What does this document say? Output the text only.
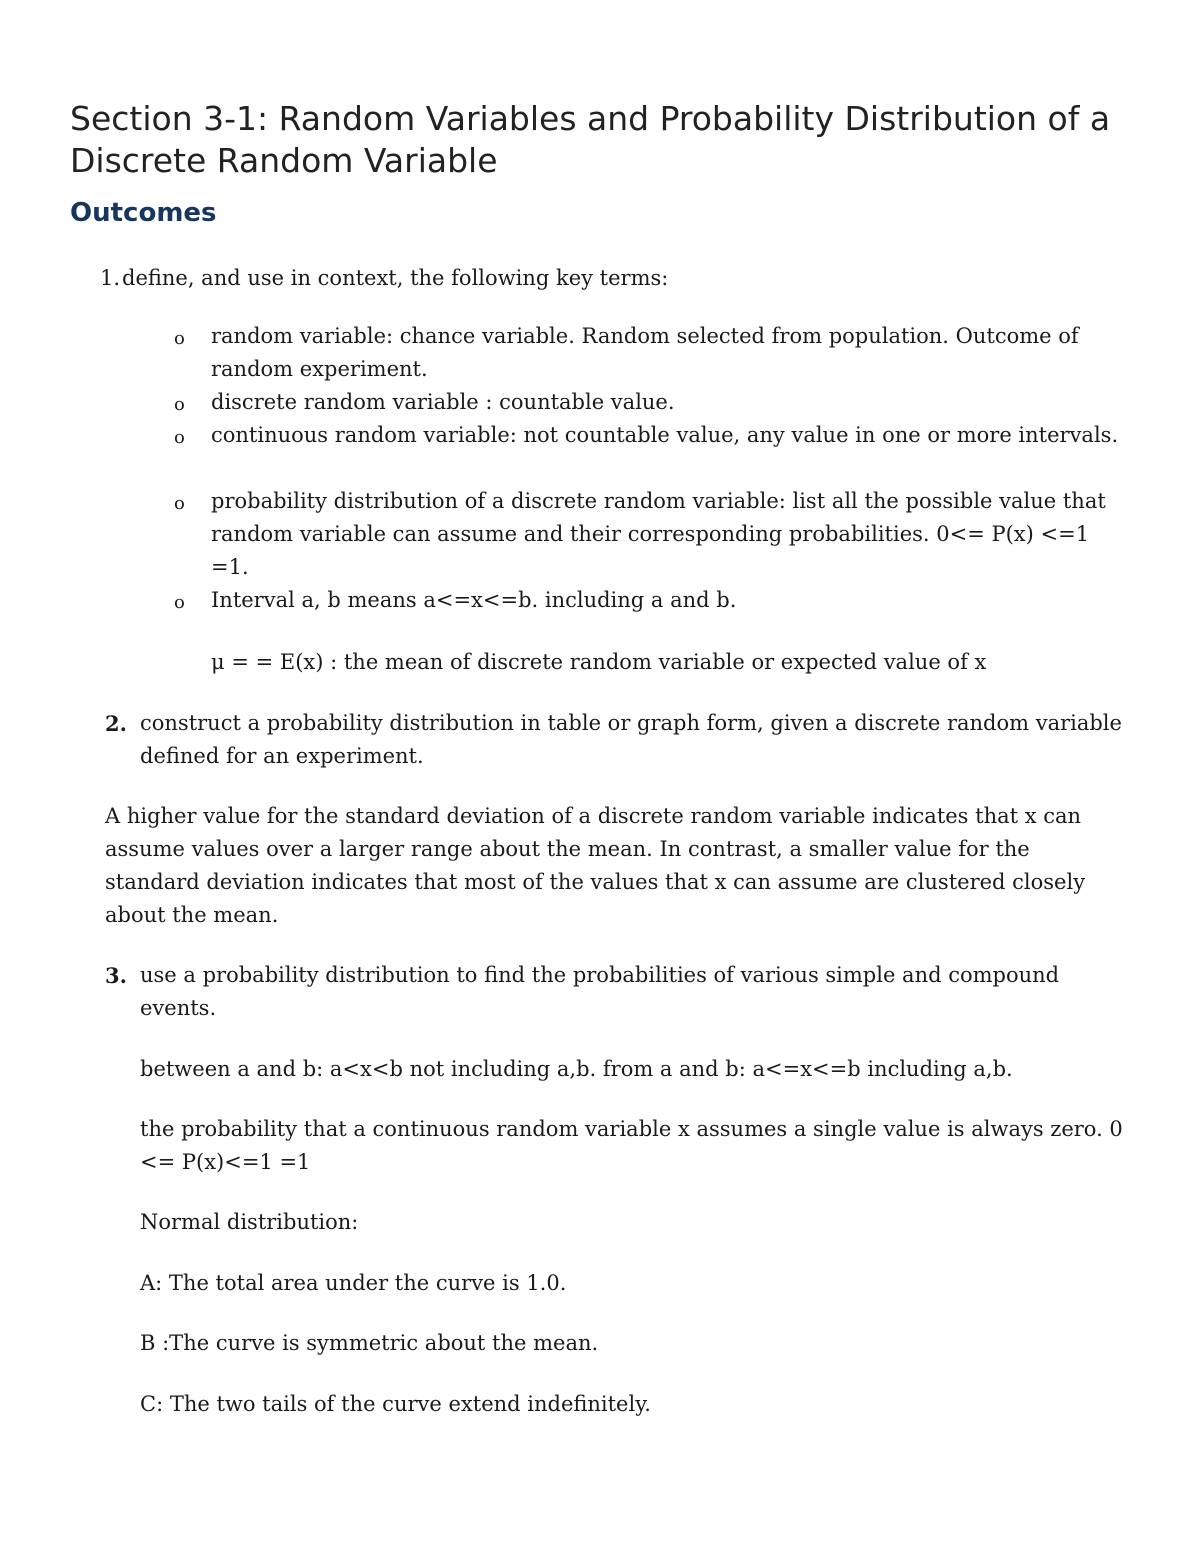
Section 3-1: Random Variables and Probability Distribution of a Discrete Random Variable
Outcomes
1. define, and use in context, the following key terms:
o random variable: chance variable. Random selected from population. Outcome of random experiment.
o discrete random variable : countable value.
o continuous random variable: not countable value, any value in one or more intervals.
o probability distribution of a discrete random variable: list all the possible value that random variable can assume and their corresponding probabilities. 0<= P(x) <=1 =1.
o Interval a, b means a<=x<=b. including a and b.
μ = = E(x) : the mean of discrete random variable or expected value of x
2. construct a probability distribution in table or graph form, given a discrete random variable defined for an experiment.
A higher value for the standard deviation of a discrete random variable indicates that x can assume values over a larger range about the mean. In contrast, a smaller value for the standard deviation indicates that most of the values that x can assume are clustered closely about the mean.
3. use a probability distribution to find the probabilities of various simple and compound events.
between a and b: a<x<b not including a,b. from a and b: a<=x<=b including a,b.
the probability that a continuous random variable x assumes a single value is always zero. 0 <= P(x)<=1 =1
Normal distribution:
A: The total area under the curve is 1.0.
B :The curve is symmetric about the mean.
C: The two tails of the curve extend indefinitely.
